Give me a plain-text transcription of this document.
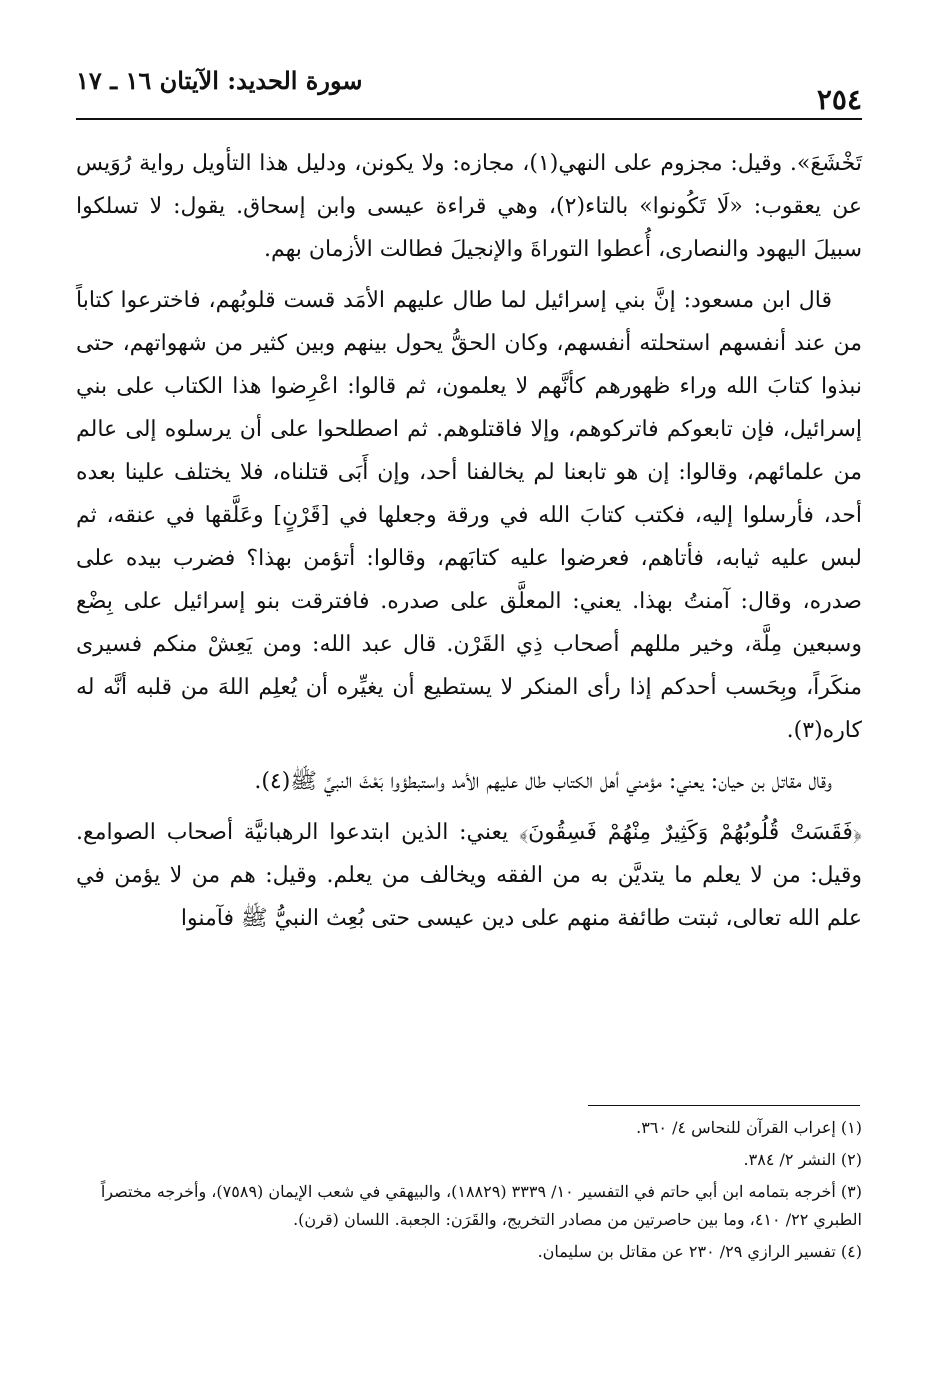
سورة الحديد: الآيتان ١٦ ـ ١٧
٢٥٤

تَخْشَعَ». وقيل: مجزوم على النهي(١)، مجازه: ولا يكونن، ودليل هذا التأويل رواية رُوَيس عن يعقوب: «لَا تَكُونوا» بالتاء(٢)، وهي قراءة عيسى وابن إسحاق. يقول: لا تسلكوا سبيلَ اليهود والنصارى، أُعطوا التوراةَ والإنجيلَ فطالت الأزمان بهم.

قال ابن مسعود: إنَّ بني إسرائيل لما طال عليهم الأمَد قست قلوبُهم، فاخترعوا كتاباً من عند أنفسهم استحلته أنفسهم، وكان الحقُّ يحول بينهم وبين كثير من شهواتهم، حتى نبذوا كتابَ الله وراء ظهورهم كأنَّهم لا يعلمون، ثم قالوا: اعْرِضوا هذا الكتاب على بني إسرائيل، فإن تابعوكم فاتركوهم، وإلا فاقتلوهم. ثم اصطلحوا على أن يرسلوه إلى عالم من علمائهم، وقالوا: إن هو تابعنا لم يخالفنا أحد، وإن أَبَى قتلناه، فلا يختلف علينا بعده أحد، فأرسلوا إليه، فكتب كتابَ الله في ورقة وجعلها في [قَرْنٍ] وعَلَّقها في عنقه، ثم لبس عليه ثيابه، فأتاهم، فعرضوا عليه كتابَهم، وقالوا: أتؤمن بهذا؟ فضرب بيده على صدره، وقال: آمنتُ بهذا. يعني: المعلَّق على صدره. فافترقت بنو إسرائيل على بِضْع وسبعين مِلَّة، وخير مللهم أصحاب ذِي القَرْن. قال عبد الله: ومن يَعِشْ منكم فسيرى منكَراً، وبِحَسب أحدكم إذا رأى المنكر لا يستطيع أن يغيِّره أن يُعلِم اللهَ من قلبه أنَّه له كاره(٣).

وقال مقاتل بن حيان: يعني: مؤمني أهل الكتاب طال عليهم الأمد واستبطؤوا بَعْثَ النبيِّ ﷺ(٤).

﴿فَقَسَتْ قُلُوبُهُمْ وَكَثِيرٌ مِنْهُمْ فَسِقُونَ﴾ يعني: الذين ابتدعوا الرهبانيَّة أصحاب الصوامع. وقيل: من لا يعلم ما يتديَّن به من الفقه ويخالف من يعلم. وقيل: هم من لا يؤمن في علم الله تعالى، ثبتت طائفة منهم على دين عيسى حتى بُعِث النبيُّ ﷺ فآمنوا

(١) إعراب القرآن للنحاس ٤/ ٣٦٠.
(٢) النشر ٢/ ٣٨٤.
(٣) أخرجه بتمامه ابن أبي حاتم في التفسير ١٠/ ٣٣٣٩ (١٨٨٢٩)، والبيهقي في شعب الإيمان (٧٥٨٩)، وأخرجه مختصراً الطبري ٢٢/ ٤١٠، وما بين حاصرتين من مصادر التخريج، والقَرَن: الجعبة. اللسان (قرن).
(٤) تفسير الرازي ٢٩/ ٢٣٠ عن مقاتل بن سليمان.
